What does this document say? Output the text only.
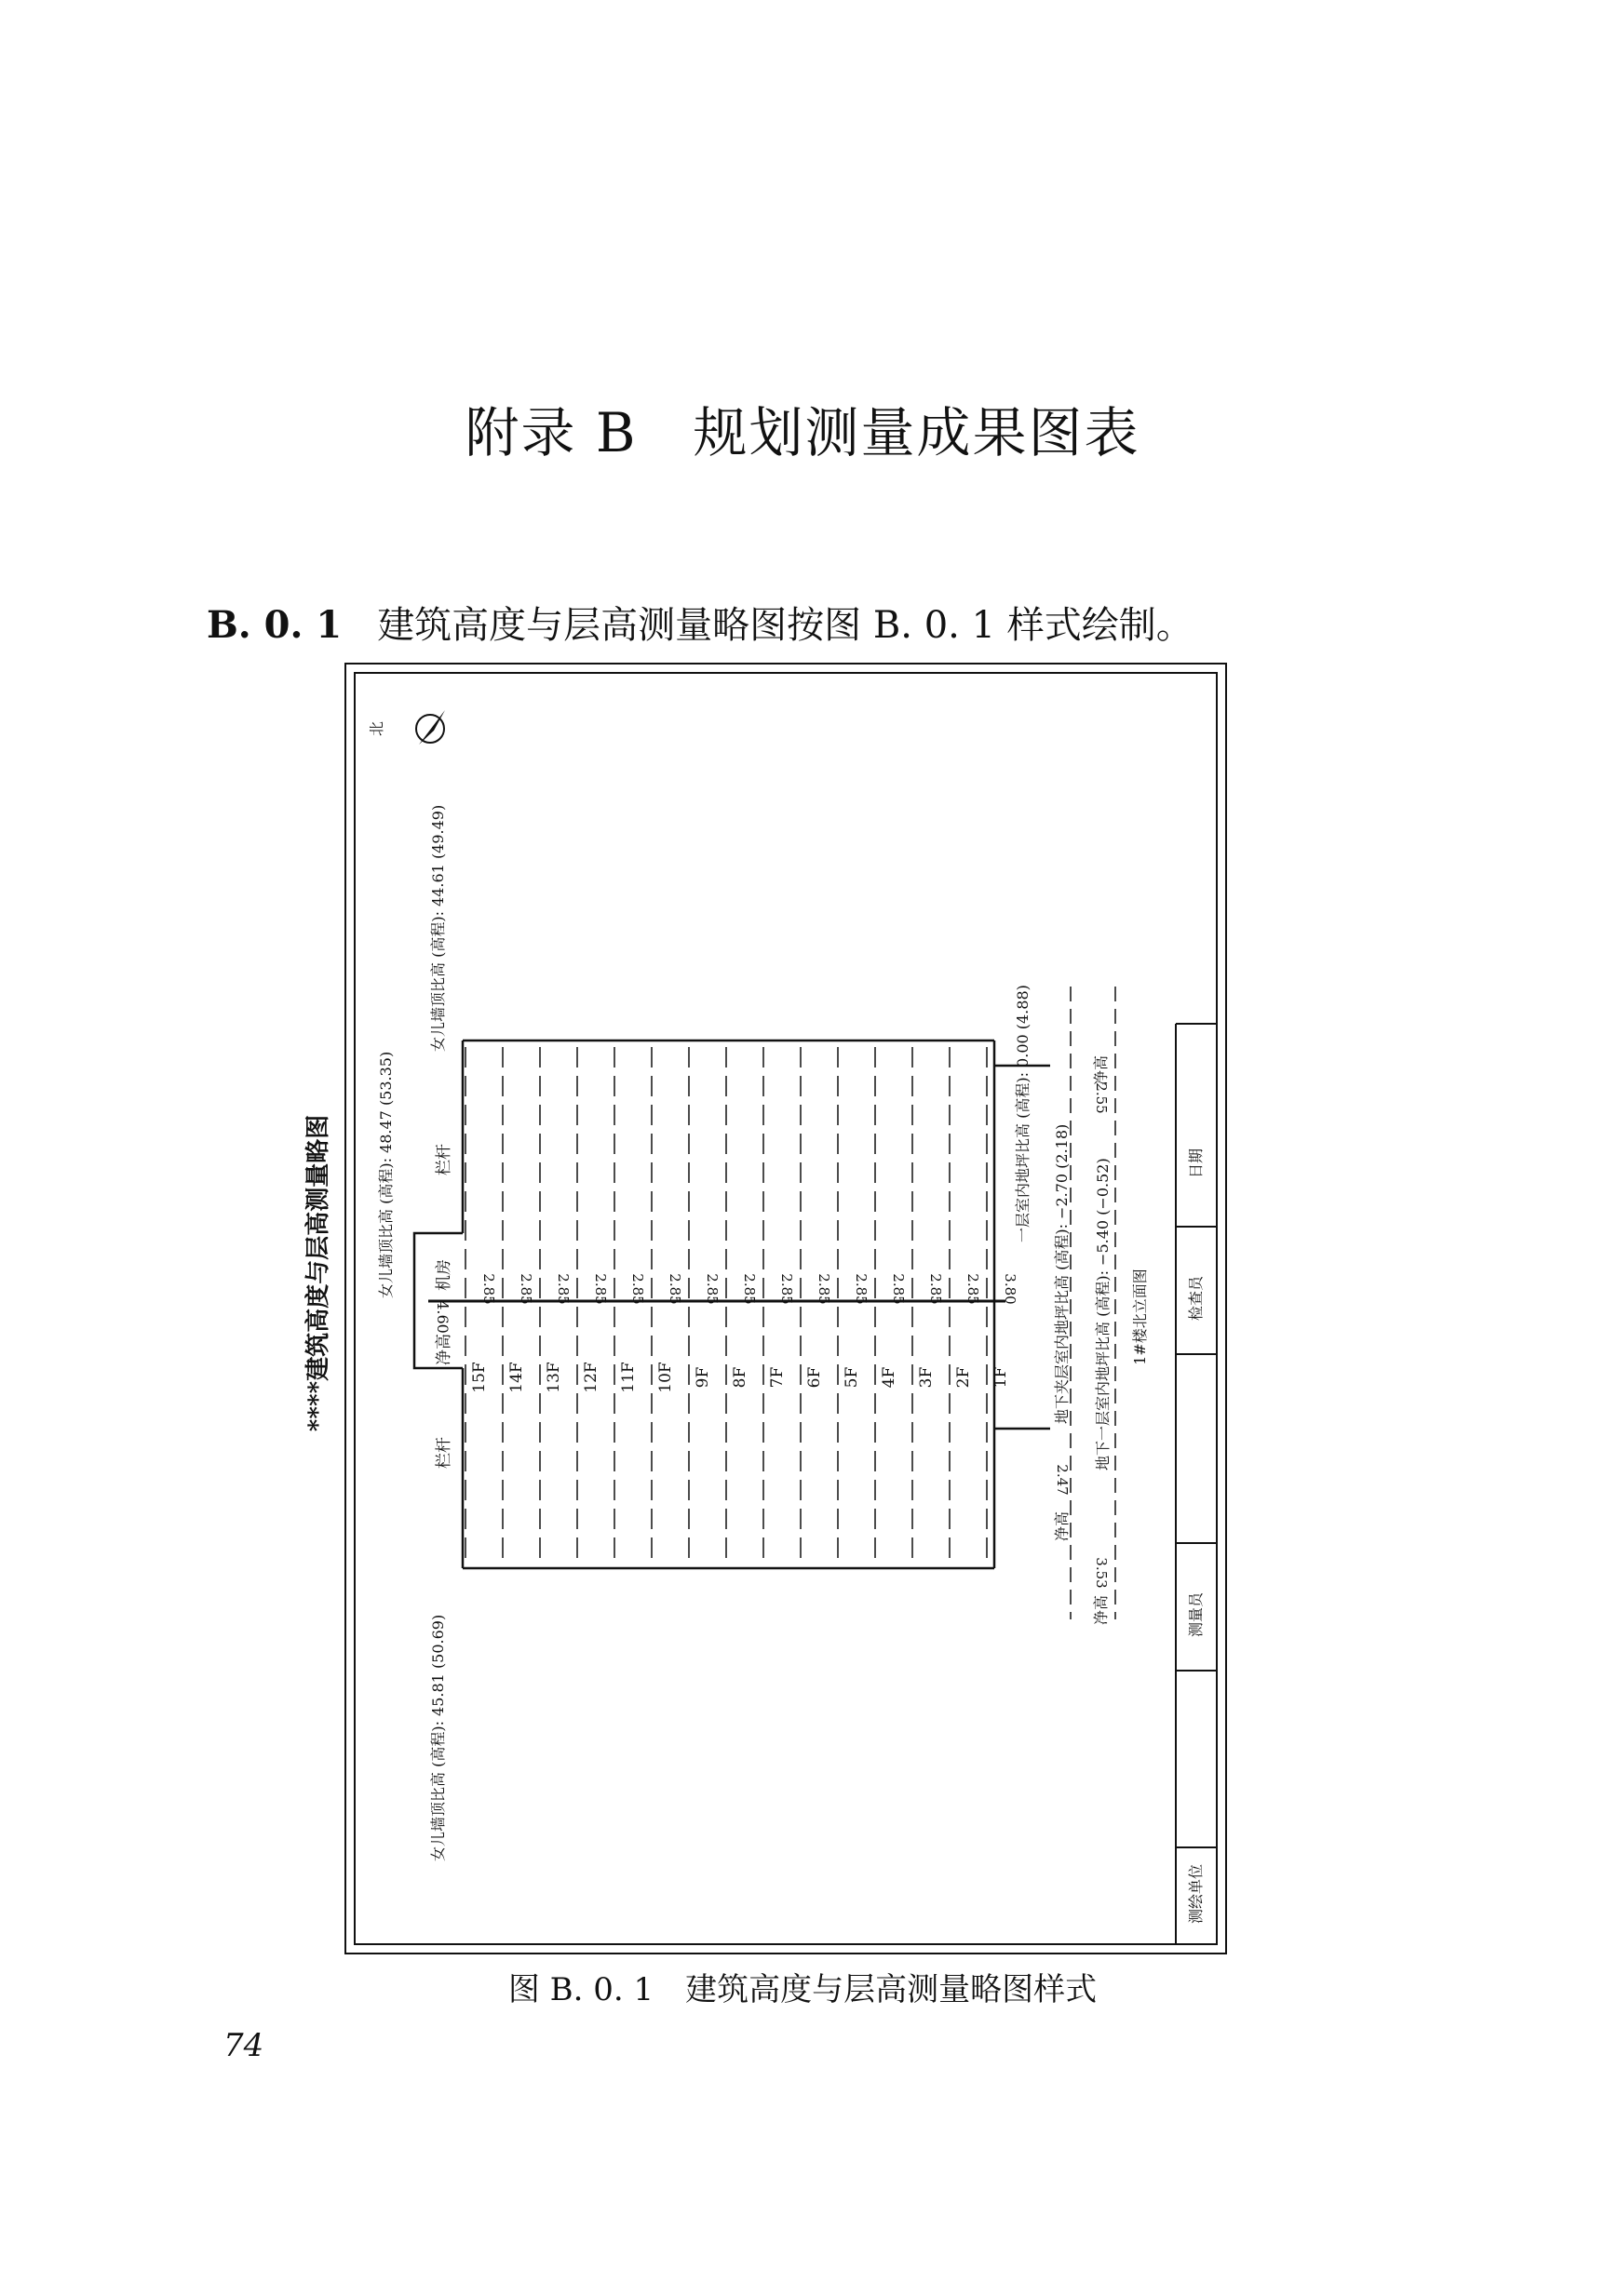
附录 B　规划测量成果图表
B. 0. 1 建筑高度与层高测量略图按图 B. 0. 1 样式绘制。
日期
检查员
测量员
测绘单位
****建筑高度与层高测量略图
北
1F
2F
3F
4F
5F
6F
7F
8F
9F
10F
11F
12F
13F
14F
15F
3.80
2.85
2.85
2.85
2.85
2.85
2.85
2.85
2.85
2.85
2.85
2.85
2.85
2.85
2.85
女儿墙顶比高 (高程): 48.47 (53.35)
女儿墙顶比高 (高程): 45.81 (50.69)
女儿墙顶比高 (高程): 44.61 (49.49)
一层室内地坪比高 (高程): 0.00 (4.88)
地下夹层室内地坪比高 (高程): −2.70 (2.18) 地下一层室内地坪比高 (高程): −5.40 (−0.52)
栏杆
栏杆
机房
净高
4.60
净高
2.55
净高
2.47
净高
3.53
1#楼北立面图
图 B. 0. 1　建筑高度与层高测量略图样式
74
